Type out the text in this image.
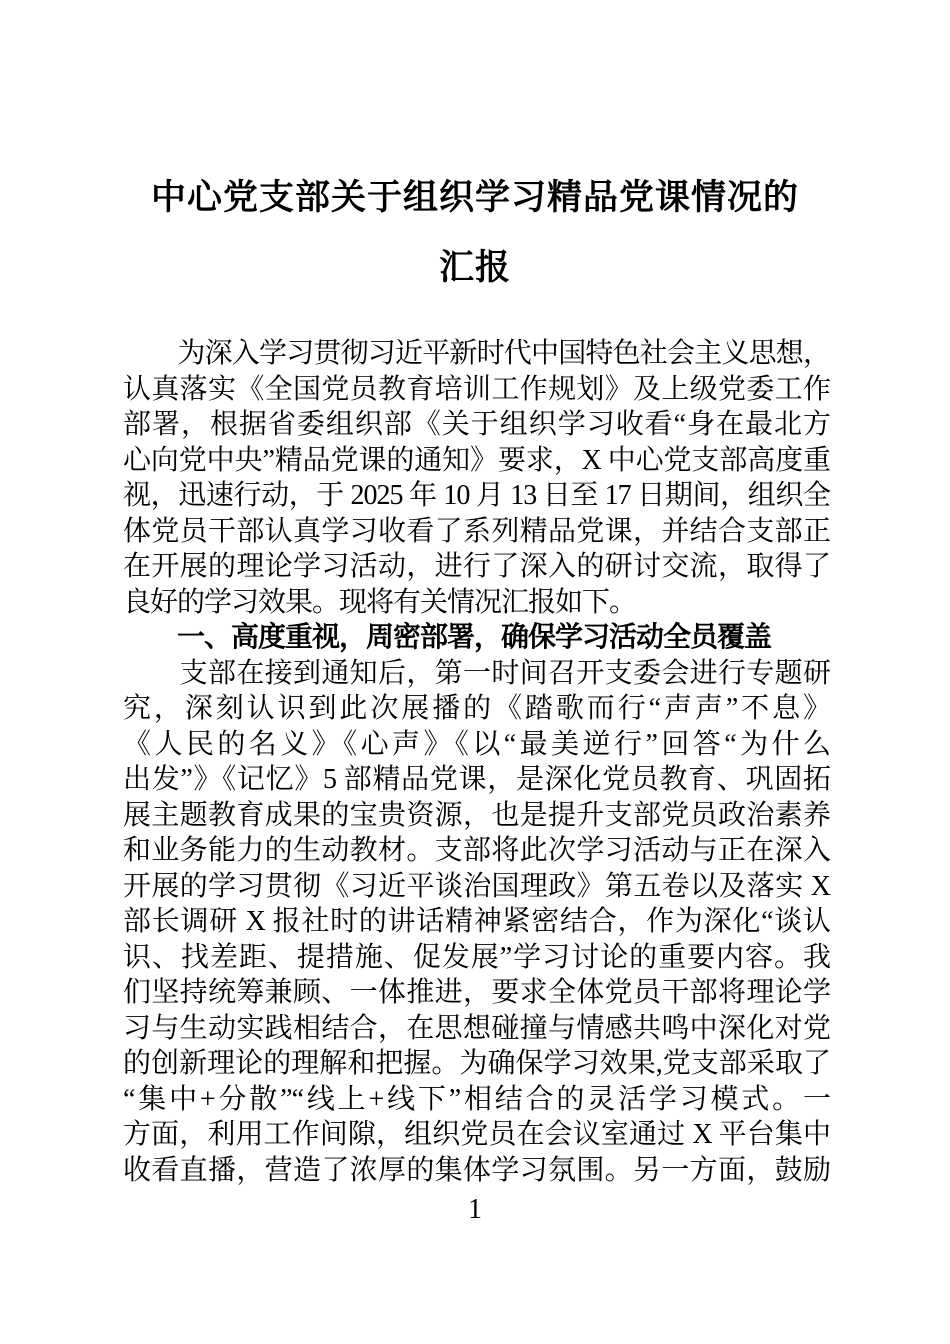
中心党支部关于组织学习精品党课情况的
汇报
　　为深入学习贯彻习近平新时代中国特色社会主义思想，
认真落实《全国党员教育培训工作规划》及上级党委工作
部署，根据省委组织部《关于组织学习收看“身在最北方
心向党中央”精品党课的通知》要求，X 中心党支部高度重
视，迅速行动，于 2025 年 10 月 13 日至 17 日期间，组织全
体党员干部认真学习收看了系列精品党课，并结合支部正
在开展的理论学习活动，进行了深入的研讨交流，取得了
良好的学习效果。现将有关情况汇报如下。
　　一、高度重视，周密部署，确保学习活动全员覆盖
　　支部在接到通知后，第一时间召开支委会进行专题研
究，深刻认识到此次展播的《踏歌而行“声声”不息》
《人民的名义》《心声》《以“最美逆行”回答“为什么
出发”》《记忆》5 部精品党课，是深化党员教育、巩固拓
展主题教育成果的宝贵资源，也是提升支部党员政治素养
和业务能力的生动教材。支部将此次学习活动与正在深入
开展的学习贯彻《习近平谈治国理政》第五卷以及落实 X
部长调研 X 报社时的讲话精神紧密结合，作为深化“谈认
识、找差距、提措施、促发展”学习讨论的重要内容。我
们坚持统筹兼顾、一体推进，要求全体党员干部将理论学
习与生动实践相结合，在思想碰撞与情感共鸣中深化对党
的创新理论的理解和把握。为确保学习效果,党支部采取了
“集中+分散”“线上+线下”相结合的灵活学习模式。一
方面，利用工作间隙，组织党员在会议室通过 X 平台集中
收看直播，营造了浓厚的集体学习氛围。另一方面，鼓励
1
